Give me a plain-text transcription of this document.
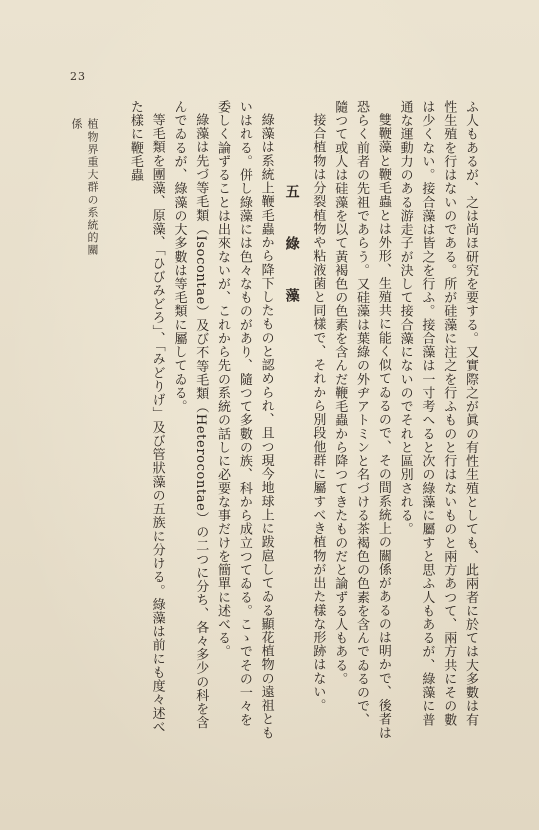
23

ふ人もあるが、之は尚ほ研究を要する。又實際之が眞の有性生殖としても、此兩者に於ては大多數は有性生殖を行はないのである。所が硅藻に注之を行ふものと行はないものと兩方あつて、兩方共にその數は少くない。接合藻は皆之を行ふ。接合藻は一寸考へると次の綠藻に屬すと思ふ人もあるが、綠藻に普通な運動力のある游走子が決して接合藻にないのでそれと區別される。

雙鞭藻と鞭毛蟲とは外形、生殖共に能く似てゐるので、その間系統上の關係があるのは明かで、後者は恐らく前者の先祖であらう。又硅藻は葉綠の外ヂアトミンと名づける茶褐色の色素を含んでゐるので、隨つて或人は硅藻を以て黃褐色の色素を含んだ鞭毛蟲から降つてきたものだと論ずる人もある。

接合植物は分裂植物や粘液菌と同樣で、それから別段他群に屬すべき植物が出た樣な形跡はない。

五　綠　藻

綠藻は系統上鞭毛蟲から降下したものと認められ、且つ現今地球上に跋扈してゐる顯花植物の遠祖ともいはれる。併し綠藻には色々なものがあり、隨つて多數の族、科から成立つてゐる。こゝでその一々を委しく論ずることは出來ないが、これから先の系統の話しに必要な事だけを簡單に述べる。

綠藻は先づ等毛類（Isocontae）及び不等毛類（Heterocontae）の二つに分ち、各々多少の科を含んでゐるが、綠藻の大多數は等毛類に屬してゐる。

等毛類を團藻、原藻、「ひびみどろ」、「みどりげ」及び管狀藻の五族に分ける。綠藻は前にも度々述べた樣に鞭毛蟲

植物界重大群の系統的關係
